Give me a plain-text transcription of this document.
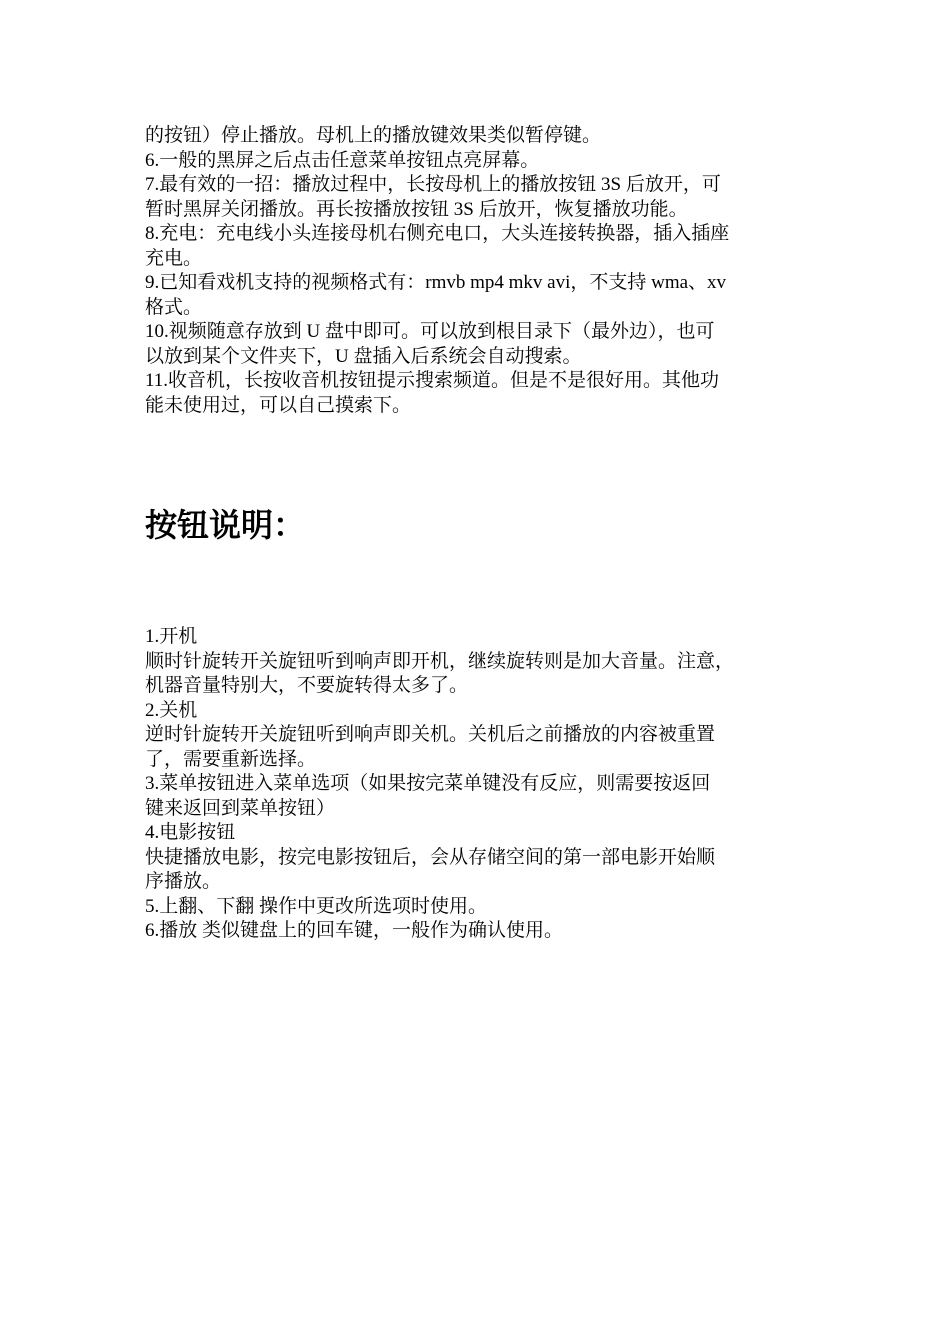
的按钮）停止播放。母机上的播放键效果类似暂停键。

6.一般的黑屏之后点击任意菜单按钮点亮屏幕。

7.最有效的一招：播放过程中，长按母机上的播放按钮 3S 后放开，可

暂时黑屏关闭播放。再长按播放按钮 3S 后放开，恢复播放功能。

8.充电：充电线小头连接母机右侧充电口，大头连接转换器，插入插座

充电。

9.已知看戏机支持的视频格式有：rmvb mp4 mkv avi，不支持 wma、xv

格式。

10.视频随意存放到 U 盘中即可。可以放到根目录下（最外边），也可

以放到某个文件夹下，U 盘插入后系统会自动搜索。

11.收音机，长按收音机按钮提示搜索频道。但是不是很好用。其他功

能未使用过，可以自己摸索下。

按钮说明：

1.开机

顺时针旋转开关旋钮听到响声即开机，继续旋转则是加大音量。注意，

机器音量特别大，不要旋转得太多了。

2.关机

逆时针旋转开关旋钮听到响声即关机。关机后之前播放的内容被重置

了，需要重新选择。

3.菜单按钮进入菜单选项（如果按完菜单键没有反应，则需要按返回

键来返回到菜单按钮）

4.电影按钮

快捷播放电影，按完电影按钮后，会从存储空间的第一部电影开始顺

序播放。

5.上翻、下翻 操作中更改所选项时使用。

6.播放 类似键盘上的回车键，一般作为确认使用。
